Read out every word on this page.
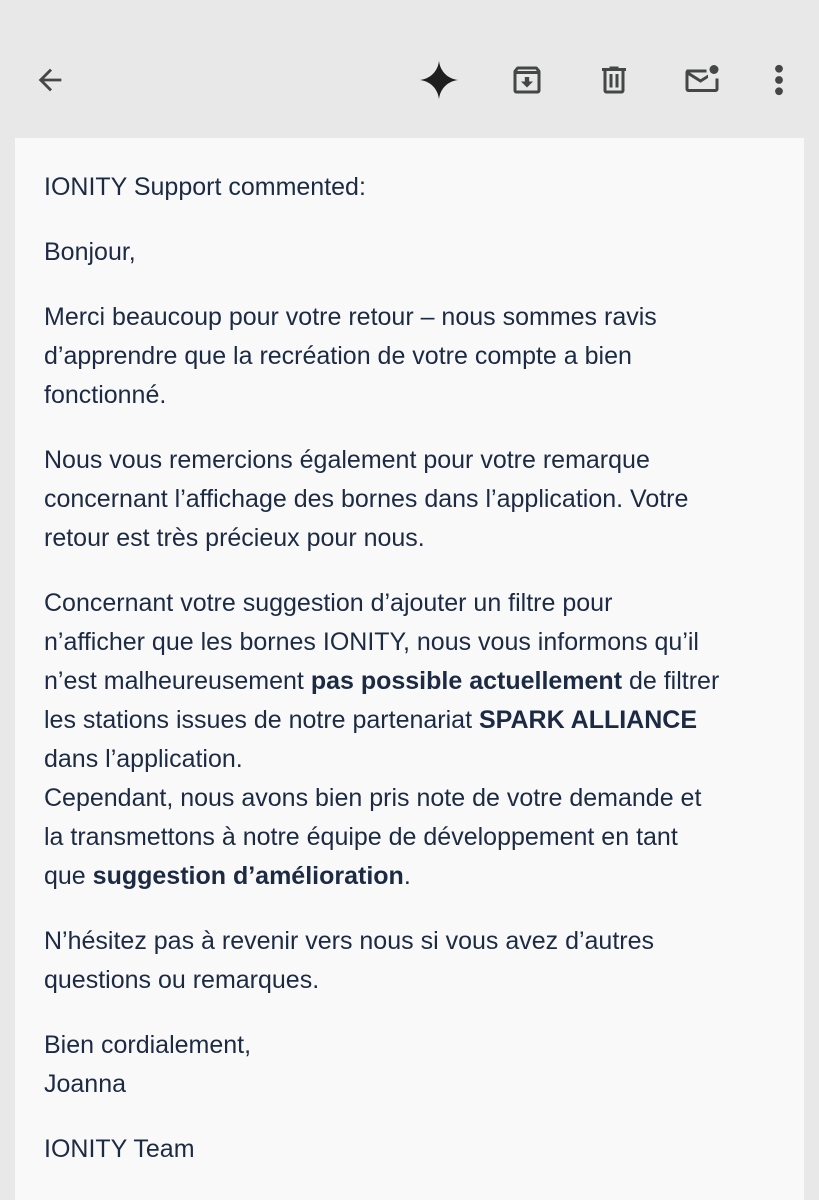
IONITY Support commented:

Bonjour,

Merci beaucoup pour votre retour – nous sommes ravis
d’apprendre que la recréation de votre compte a bien
fonctionné.

Nous vous remercions également pour votre remarque
concernant l’affichage des bornes dans l’application. Votre
retour est très précieux pour nous.

Concernant votre suggestion d’ajouter un filtre pour
n’afficher que les bornes IONITY, nous vous informons qu’il
n’est malheureusement pas possible actuellement de filtrer
les stations issues de notre partenariat SPARK ALLIANCE
dans l’application.
Cependant, nous avons bien pris note de votre demande et
la transmettons à notre équipe de développement en tant
que suggestion d’amélioration.

N’hésitez pas à revenir vers nous si vous avez d’autres
questions ou remarques.

Bien cordialement,
Joanna

IONITY Team
